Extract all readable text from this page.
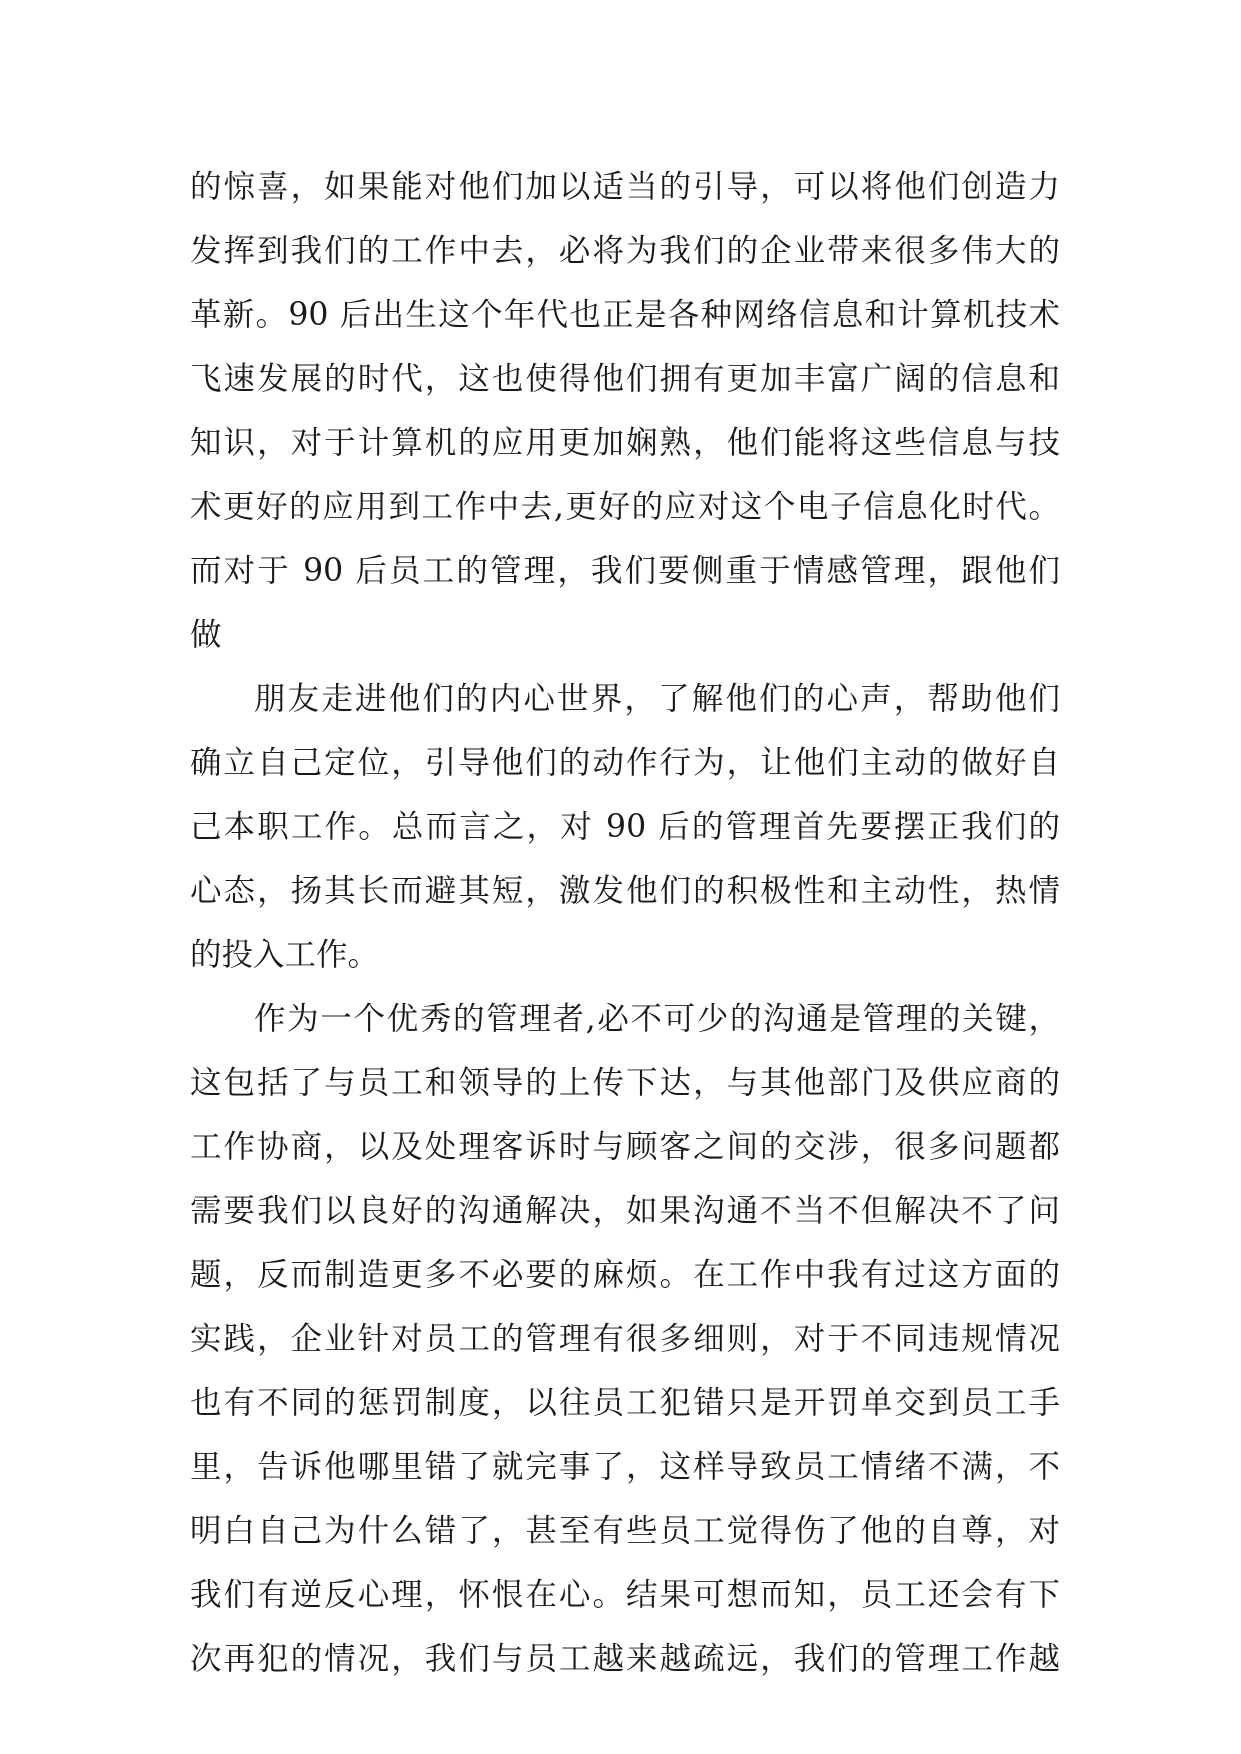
的惊喜，如果能对他们加以适当的引导，可以将他们创造力
发挥到我们的工作中去，必将为我们的企业带来很多伟大的
革新。90 后出生这个年代也正是各种网络信息和计算机技术
飞速发展的时代，这也使得他们拥有更加丰富广阔的信息和
知识，对于计算机的应用更加娴熟，他们能将这些信息与技
术更好的应用到工作中去,更好的应对这个电子信息化时代。
而对于 90 后员工的管理，我们要侧重于情感管理，跟他们
做
朋友走进他们的内心世界，了解他们的心声，帮助他们
确立自己定位，引导他们的动作行为，让他们主动的做好自
己本职工作。总而言之，对 90 后的管理首先要摆正我们的
心态，扬其长而避其短，激发他们的积极性和主动性，热情
的投入工作。
作为一个优秀的管理者,必不可少的沟通是管理的关键，
这包括了与员工和领导的上传下达，与其他部门及供应商的
工作协商，以及处理客诉时与顾客之间的交涉，很多问题都
需要我们以良好的沟通解决，如果沟通不当不但解决不了问
题，反而制造更多不必要的麻烦。在工作中我有过这方面的
实践，企业针对员工的管理有很多细则，对于不同违规情况
也有不同的惩罚制度，以往员工犯错只是开罚单交到员工手
里，告诉他哪里错了就完事了，这样导致员工情绪不满，不
明白自己为什么错了，甚至有些员工觉得伤了他的自尊，对
我们有逆反心理，怀恨在心。结果可想而知，员工还会有下
次再犯的情况，我们与员工越来越疏远，我们的管理工作越
